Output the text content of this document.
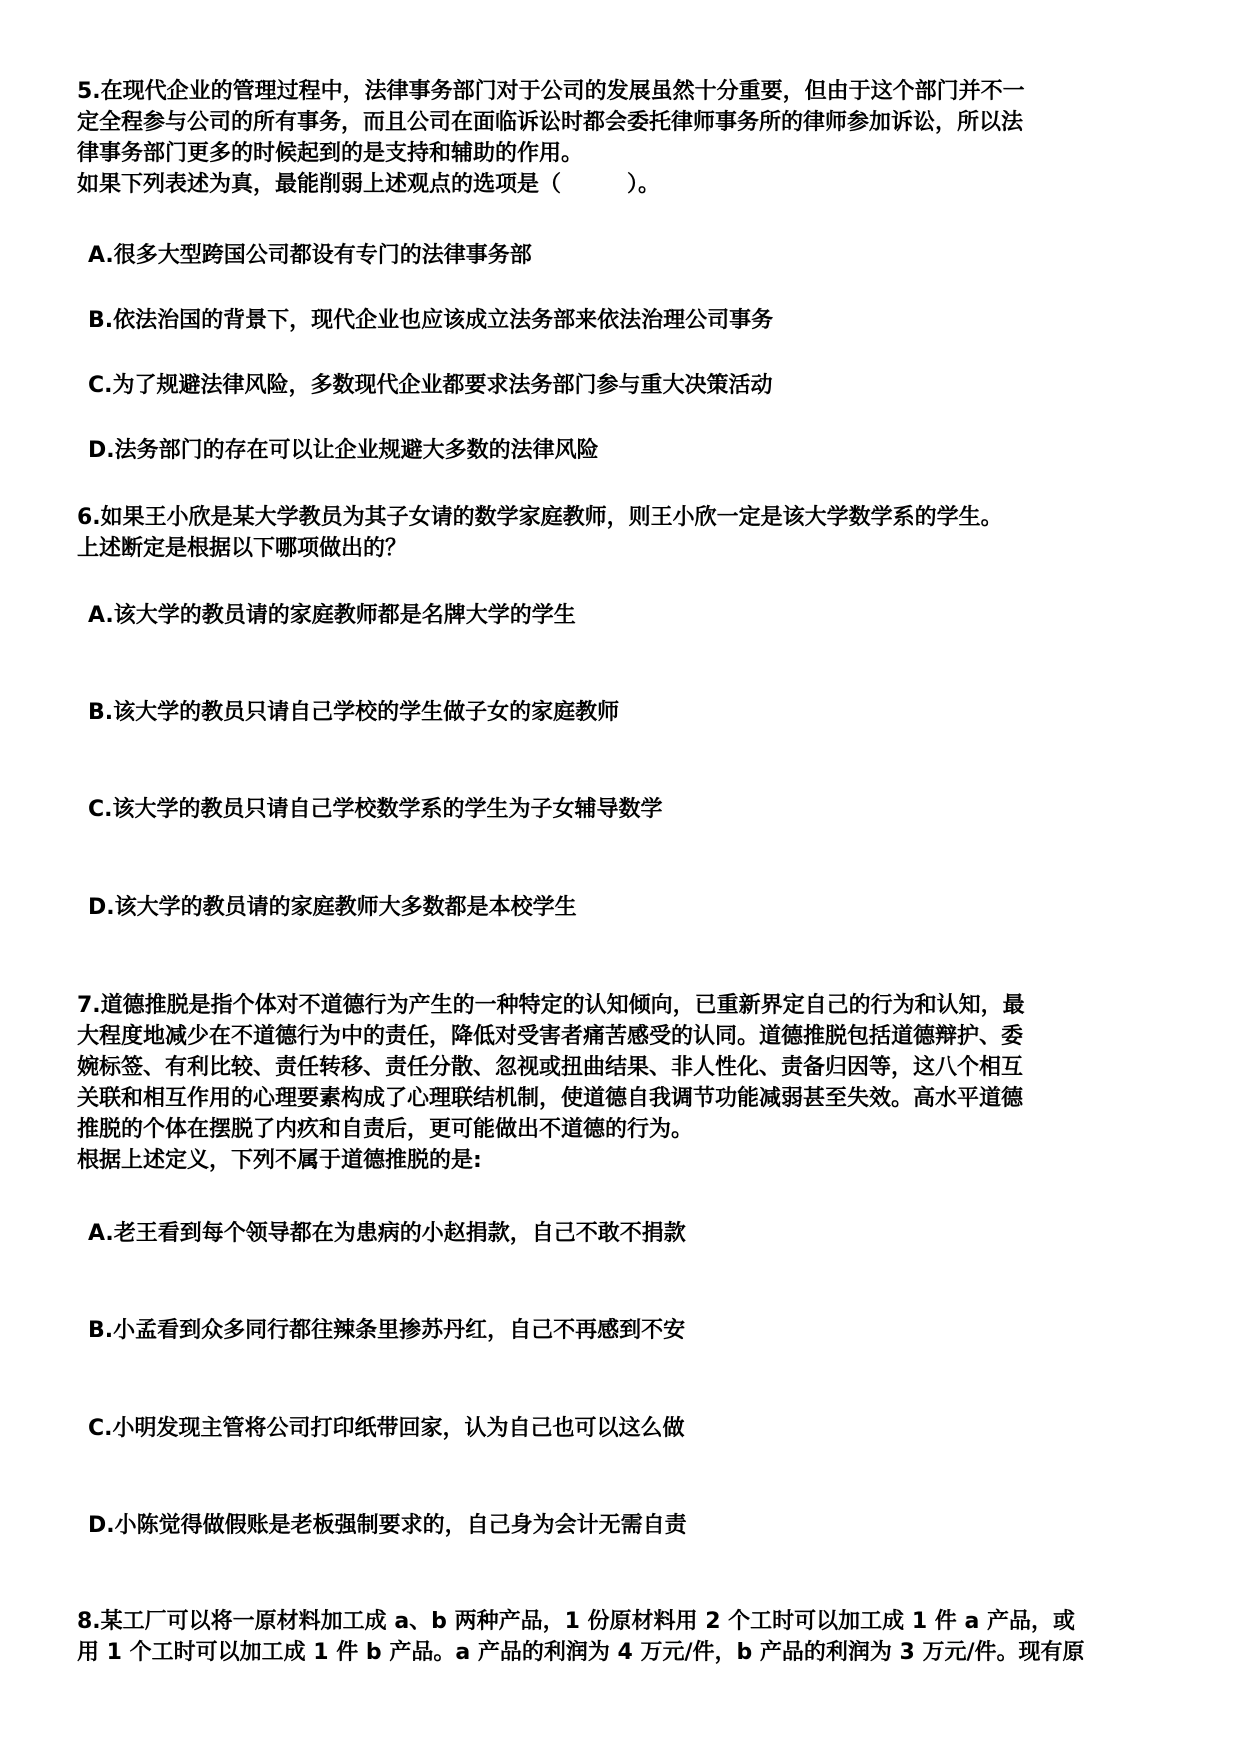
5.在现代企业的管理过程中，法律事务部门对于公司的发展虽然十分重要，但由于这个部门并不一
定全程参与公司的所有事务，而且公司在面临诉讼时都会委托律师事务所的律师参加诉讼，所以法
律事务部门更多的时候起到的是支持和辅助的作用。
如果下列表述为真，最能削弱上述观点的选项是（	）。
A.很多大型跨国公司都设有专门的法律事务部
B.依法治国的背景下，现代企业也应该成立法务部来依法治理公司事务
C.为了规避法律风险，多数现代企业都要求法务部门参与重大决策活动
D.法务部门的存在可以让企业规避大多数的法律风险
6.如果王小欣是某大学教员为其子女请的数学家庭教师，则王小欣一定是该大学数学系的学生。
上述断定是根据以下哪项做出的？
A.该大学的教员请的家庭教师都是名牌大学的学生
B.该大学的教员只请自己学校的学生做子女的家庭教师
C.该大学的教员只请自己学校数学系的学生为子女辅导数学
D.该大学的教员请的家庭教师大多数都是本校学生
7.道德推脱是指个体对不道德行为产生的一种特定的认知倾向，已重新界定自己的行为和认知，最
大程度地减少在不道德行为中的责任，降低对受害者痛苦感受的认同。道德推脱包括道德辩护、委
婉标签、有利比较、责任转移、责任分散、忽视或扭曲结果、非人性化、责备归因等，这八个相互
关联和相互作用的心理要素构成了心理联结机制，使道德自我调节功能减弱甚至失效。高水平道德
推脱的个体在摆脱了内疚和自责后，更可能做出不道德的行为。
根据上述定义，下列不属于道德推脱的是:
A.老王看到每个领导都在为患病的小赵捐款，自己不敢不捐款
B.小孟看到众多同行都往辣条里掺苏丹红，自己不再感到不安
C.小明发现主管将公司打印纸带回家，认为自己也可以这么做
D.小陈觉得做假账是老板强制要求的，自己身为会计无需自责
8.某工厂可以将一原材料加工成 a、b 两种产品，1 份原材料用 2 个工时可以加工成 1 件 a 产品，或
用 1 个工时可以加工成 1 件 b 产品。a 产品的利润为 4 万元/件，b 产品的利润为 3 万元/件。现有原
